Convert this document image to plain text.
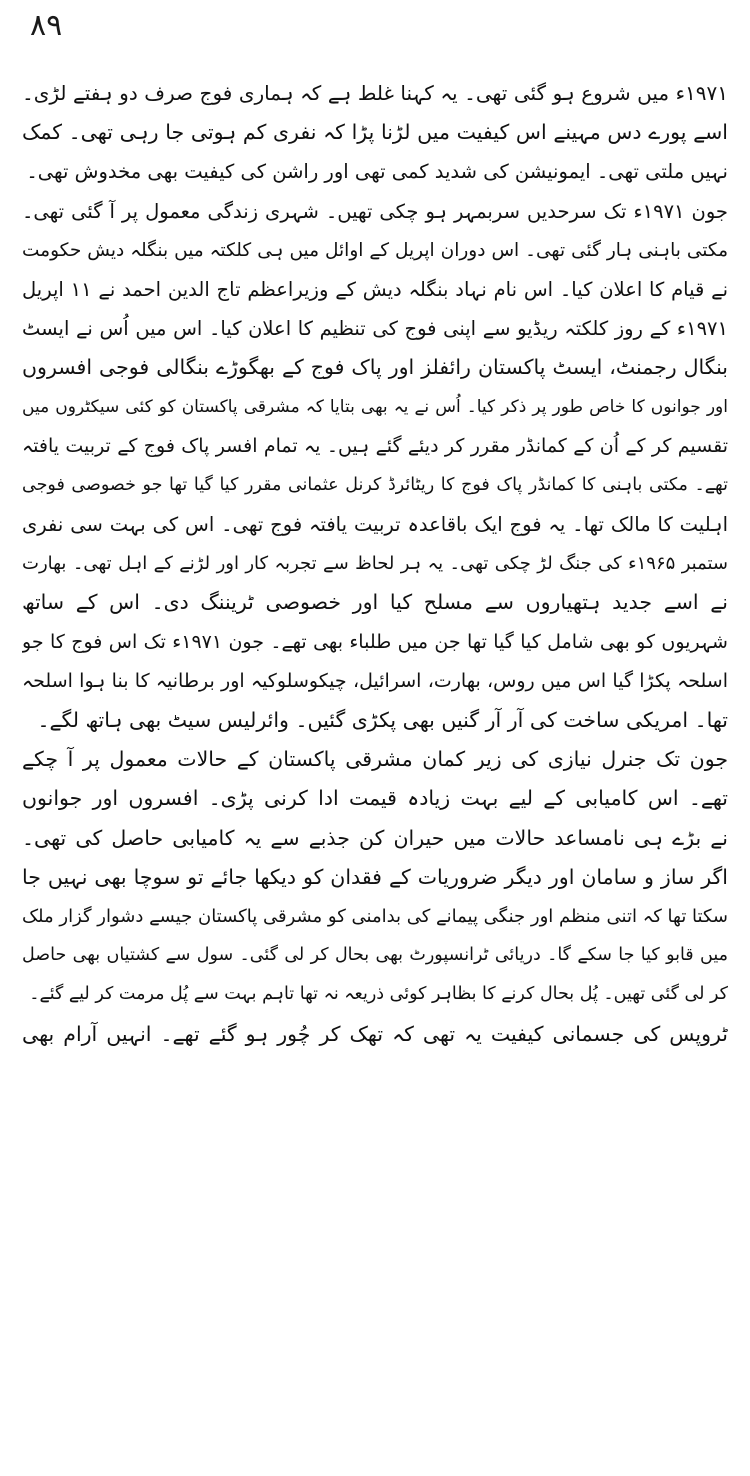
۸۹
۱۹۷۱ء میں شروع ہو گئی تھی۔ یہ کہنا غلط ہے کہ ہماری فوج صرف دو ہفتے لڑی۔
اسے پورے دس مہینے اس کیفیت میں لڑنا پڑا کہ نفری کم ہوتی جا رہی تھی۔ کمک
نہیں ملتی تھی۔ ایمونیشن کی شدید کمی تھی اور راشن کی کیفیت بھی مخدوش تھی۔
جون ۱۹۷۱ء تک سرحدیں سربمہر ہو چکی تھیں۔ شہری زندگی معمول پر آ گئی تھی۔
مکتی باہنی ہار گئی تھی۔ اس دوران اپریل کے اوائل میں ہی کلکتہ میں بنگلہ دیش حکومت
نے قیام کا اعلان کیا۔ اس نام نہاد بنگلہ دیش کے وزیراعظم تاج الدین احمد نے ۱۱ اپریل
۱۹۷۱ء کے روز کلکتہ ریڈیو سے اپنی فوج کی تنظیم کا اعلان کیا۔ اس میں اُس نے ایسٹ
بنگال رجمنٹ، ایسٹ پاکستان رائفلز اور پاک فوج کے بھگوڑے بنگالی فوجی افسروں
اور جوانوں کا خاص طور پر ذکر کیا۔ اُس نے یہ بھی بتایا کہ مشرقی پاکستان کو کئی سیکٹروں میں
تقسیم کر کے اُن کے کمانڈر مقرر کر دیئے گئے ہیں۔ یہ تمام افسر پاک فوج کے تربیت یافتہ
تھے۔ مکتی باہنی کا کمانڈر پاک فوج کا ریٹائرڈ کرنل عثمانی مقرر کیا گیا تھا جو خصوصی فوجی
اہلیت کا مالک تھا۔ یہ فوج ایک باقاعدہ تربیت یافتہ فوج تھی۔ اس کی بہت سی نفری
ستمبر ۱۹۶۵ء کی جنگ لڑ چکی تھی۔ یہ ہر لحاظ سے تجربہ کار اور لڑنے کے اہل تھی۔ بھارت
نے اسے جدید ہتھیاروں سے مسلح کیا اور خصوصی ٹریننگ دی۔ اس کے ساتھ
شہریوں کو بھی شامل کیا گیا تھا جن میں طلباء بھی تھے۔ جون ۱۹۷۱ء تک اس فوج کا جو
اسلحہ پکڑا گیا اس میں روس، بھارت، اسرائیل، چیکوسلوکیہ اور برطانیہ کا بنا ہوا اسلحہ
تھا۔ امریکی ساخت کی آر آر گنیں بھی پکڑی گئیں۔ وائرلیس سیٹ بھی ہاتھ لگے۔
جون تک جنرل نیازی کی زیر کمان مشرقی پاکستان کے حالات معمول پر آ چکے
تھے۔ اس کامیابی کے لیے بہت زیادہ قیمت ادا کرنی پڑی۔ افسروں اور جوانوں
نے بڑے ہی نامساعد حالات میں حیران کن جذبے سے یہ کامیابی حاصل کی تھی۔
اگر ساز و سامان اور دیگر ضروریات کے فقدان کو دیکھا جائے تو سوچا بھی نہیں جا
سکتا تھا کہ اتنی منظم اور جنگی پیمانے کی بدامنی کو مشرقی پاکستان جیسے دشوار گزار ملک
میں قابو کیا جا سکے گا۔ دریائی ٹرانسپورٹ بھی بحال کر لی گئی۔ سول سے کشتیاں بھی حاصل
کر لی گئی تھیں۔ پُل بحال کرنے کا بظاہر کوئی ذریعہ نہ تھا تاہم بہت سے پُل مرمت کر لیے گئے۔
ٹروپس کی جسمانی کیفیت یہ تھی کہ تھک کر چُور ہو گئے تھے۔ انہیں آرام بھی
